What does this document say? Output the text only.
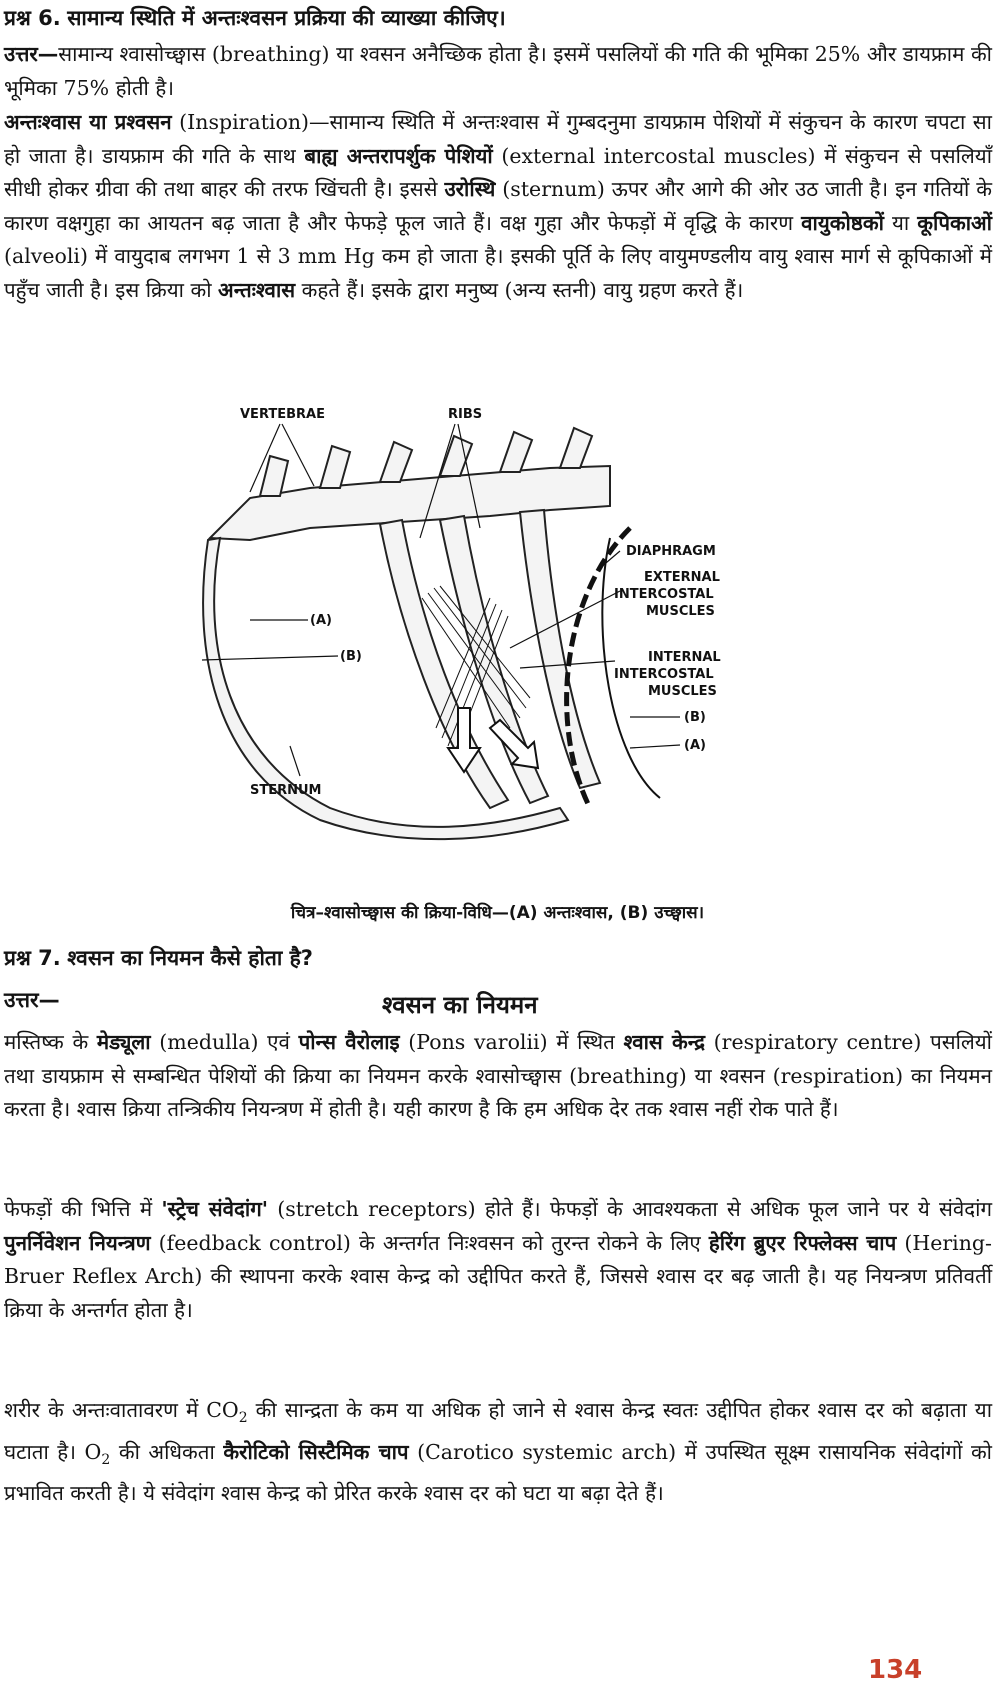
प्रश्न 6. सामान्य स्थिति में अन्तःश्वसन प्रक्रिया की व्याख्या कीजिए।

उत्तर—सामान्य श्वासोच्छ्वास (breathing) या श्वसन अनैच्छिक होता है। इसमें पसलियों की गति की भूमिका 25% और डायफ्राम की भूमिका 75% होती है।

अन्तःश्वास या प्रश्वसन (Inspiration)—सामान्य स्थिति में अन्तःश्वास में गुम्बदनुमा डायफ्राम पेशियों में संकुचन के कारण चपटा सा हो जाता है। डायफ्राम की गति के साथ बाह्य अन्तरापर्शुक पेशियों (external intercostal muscles) में संकुचन से पसलियाँ सीधी होकर ग्रीवा की तथा बाहर की तरफ खिंचती है। इससे उरोस्थि (sternum) ऊपर और आगे की ओर उठ जाती है। इन गतियों के कारण वक्षगुहा का आयतन बढ़ जाता है और फेफड़े फूल जाते हैं। वक्ष गुहा और फेफड़ों में वृद्धि के कारण वायुकोष्ठकों या कूपिकाओं (alveoli) में वायुदाब लगभग 1 से 3 mm Hg कम हो जाता है। इसकी पूर्ति के लिए वायुमण्डलीय वायु श्वास मार्ग से कूपिकाओं में पहुँच जाती है। इस क्रिया को अन्तःश्वास कहते हैं। इसके द्वारा मनुष्य (अन्य स्तनी) वायु ग्रहण करते हैं।

VERTEBRAE	RIBS
DIAPHRAGM
EXTERNAL
INTERCOSTAL
MUSCLES
INTERNAL
INTERCOSTAL
MUSCLES
(B)
(A)
(A)
(B)
STERNUM
चित्र–श्वासोच्छ्वास की क्रिया-विधि—(A) अन्तःश्वास, (B) उच्छ्वास।

प्रश्न 7. श्वसन का नियमन कैसे होता है?

उत्तर—	श्वसन का नियमन

मस्तिष्क के मेड्यूला (medulla) एवं पोन्स वैरोलाइ (Pons varolii) में स्थित श्वास केन्द्र (respiratory centre) पसलियों तथा डायफ्राम से सम्बन्धित पेशियों की क्रिया का नियमन करके श्वासोच्छ्वास (breathing) या श्वसन (respiration) का नियमन करता है। श्वास क्रिया तन्त्रिकीय नियन्त्रण में होती है। यही कारण है कि हम अधिक देर तक श्वास नहीं रोक पाते हैं।

फेफड़ों की भित्ति में 'स्ट्रेच संवेदांग' (stretch receptors) होते हैं। फेफड़ों के आवश्यकता से अधिक फूल जाने पर ये संवेदांग पुनर्निवेशन नियन्त्रण (feedback control) के अन्तर्गत निःश्वसन को तुरन्त रोकने के लिए हेरिंग ब्रुएर रिफ्लेक्स चाप (Hering-Bruer Reflex Arch) की स्थापना करके श्वास केन्द्र को उद्दीपित करते हैं, जिससे श्वास दर बढ़ जाती है। यह नियन्त्रण प्रतिवर्ती क्रिया के अन्तर्गत होता है।

शरीर के अन्तःवातावरण में $CO_2$ की सान्द्रता के कम या अधिक हो जाने से श्वास केन्द्र स्वतः उद्दीपित होकर श्वास दर को बढ़ाता या घटाता है। $O_2$ की अधिकता कैरोटिको सिस्टैमिक चाप (Carotico systemic arch) में उपस्थित सूक्ष्म रासायनिक संवेदांगों को प्रभावित करती है। ये संवेदांग श्वास केन्द्र को प्रेरित करके श्वास दर को घटा या बढ़ा देते हैं।

134
